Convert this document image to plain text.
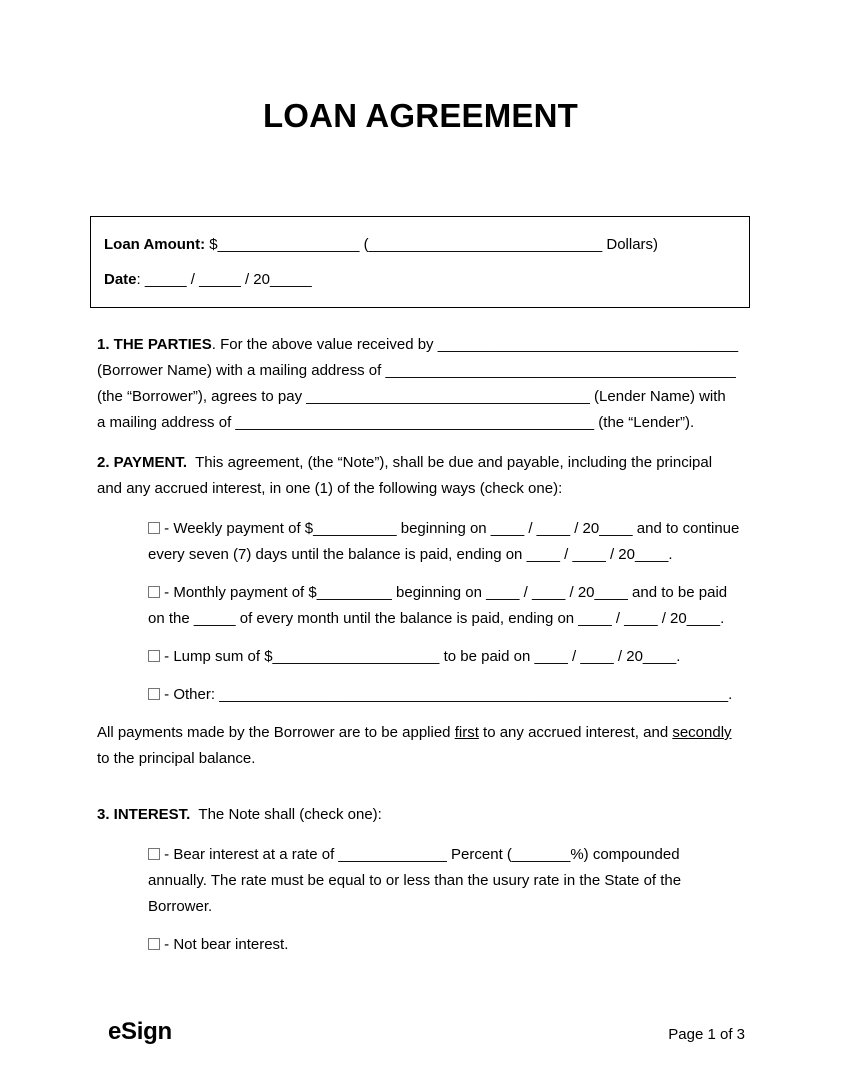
LOAN AGREEMENT
Loan Amount: $_________________ (____________________________ Dollars)
Date: _____ / _____ / 20_____
1. THE PARTIES. For the above value received by ____________________________________
(Borrower Name) with a mailing address of __________________________________________
(the “Borrower”), agrees to pay __________________________________ (Lender Name) with
a mailing address of ___________________________________________ (the “Lender”).
2. PAYMENT.  This agreement, (the “Note”), shall be due and payable, including the principal
and any accrued interest, in one (1) of the following ways (check one):
- Weekly payment of $__________ beginning on ____ / ____ / 20____ and to continue
every seven (7) days until the balance is paid, ending on ____ / ____ / 20____.
- Monthly payment of $_________ beginning on ____ / ____ / 20____ and to be paid
on the _____ of every month until the balance is paid, ending on ____ / ____ / 20____.
- Lump sum of $____________________ to be paid on ____ / ____ / 20____.
- Other: _____________________________________________________________.
All payments made by the Borrower are to be applied first to any accrued interest, and secondly
to the principal balance.
3. INTEREST.  The Note shall (check one):
- Bear interest at a rate of _____________ Percent (_______%) compounded
annually. The rate must be equal to or less than the usury rate in the State of the
Borrower.
- Not bear interest.
eSign	Page 1 of 3
